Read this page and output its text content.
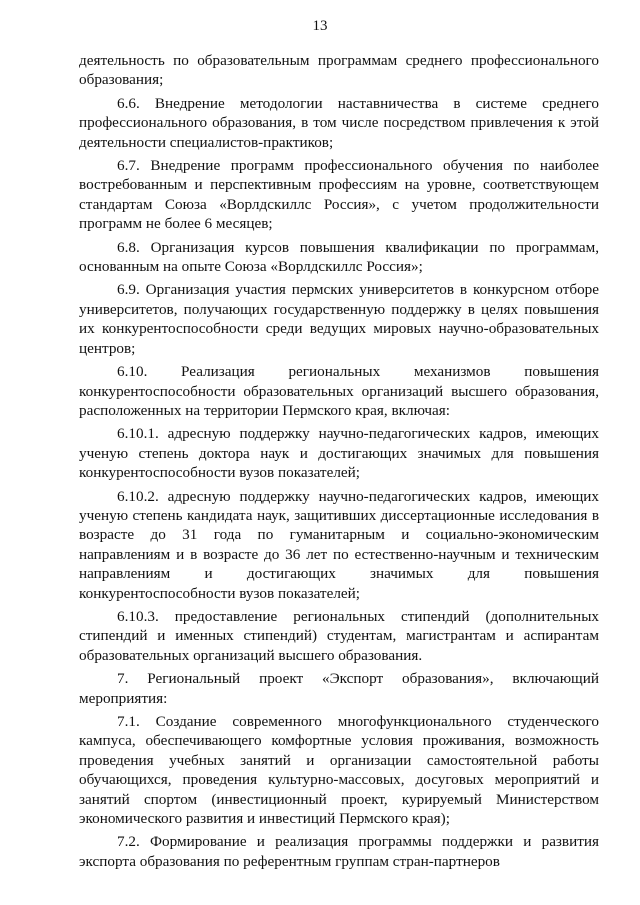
13

деятельность по образовательным программам среднего профессионального образования;

6.6. Внедрение методологии наставничества в системе среднего профессионального образования, в том числе посредством привлечения к этой деятельности специалистов-практиков;

6.7. Внедрение программ профессионального обучения по наиболее востребованным и перспективным профессиям на уровне, соответствующем стандартам Союза «Ворлдскиллс Россия», с учетом продолжительности программ не более 6 месяцев;

6.8. Организация курсов повышения квалификации по программам, основанным на опыте Союза «Ворлдскиллс Россия»;

6.9. Организация участия пермских университетов в конкурсном отборе университетов, получающих государственную поддержку в целях повышения их конкурентоспособности среди ведущих мировых научно-образовательных центров;

6.10. Реализация региональных механизмов повышения конкурентоспособности образовательных организаций высшего образования, расположенных на территории Пермского края, включая:

6.10.1. адресную поддержку научно-педагогических кадров, имеющих ученую степень доктора наук и достигающих значимых для повышения конкурентоспособности вузов показателей;

6.10.2. адресную поддержку научно-педагогических кадров, имеющих ученую степень кандидата наук, защитивших диссертационные исследования в возрасте до 31 года по гуманитарным и социально-экономическим направлениям и в возрасте до 36 лет по естественно-научным и техническим направлениям и достигающих значимых для повышения конкурентоспособности вузов показателей;

6.10.3. предоставление региональных стипендий (дополнительных стипендий и именных стипендий) студентам, магистрантам и аспирантам образовательных организаций высшего образования.

7. Региональный проект «Экспорт образования», включающий мероприятия:

7.1. Создание современного многофункционального студенческого кампуса, обеспечивающего комфортные условия проживания, возможность проведения учебных занятий и организации самостоятельной работы обучающихся, проведения культурно-массовых, досуговых мероприятий и занятий спортом (инвестиционный проект, курируемый Министерством экономического развития и инвестиций Пермского края);

7.2. Формирование и реализация программы поддержки и развития экспорта образования по референтным группам стран-партнеров
